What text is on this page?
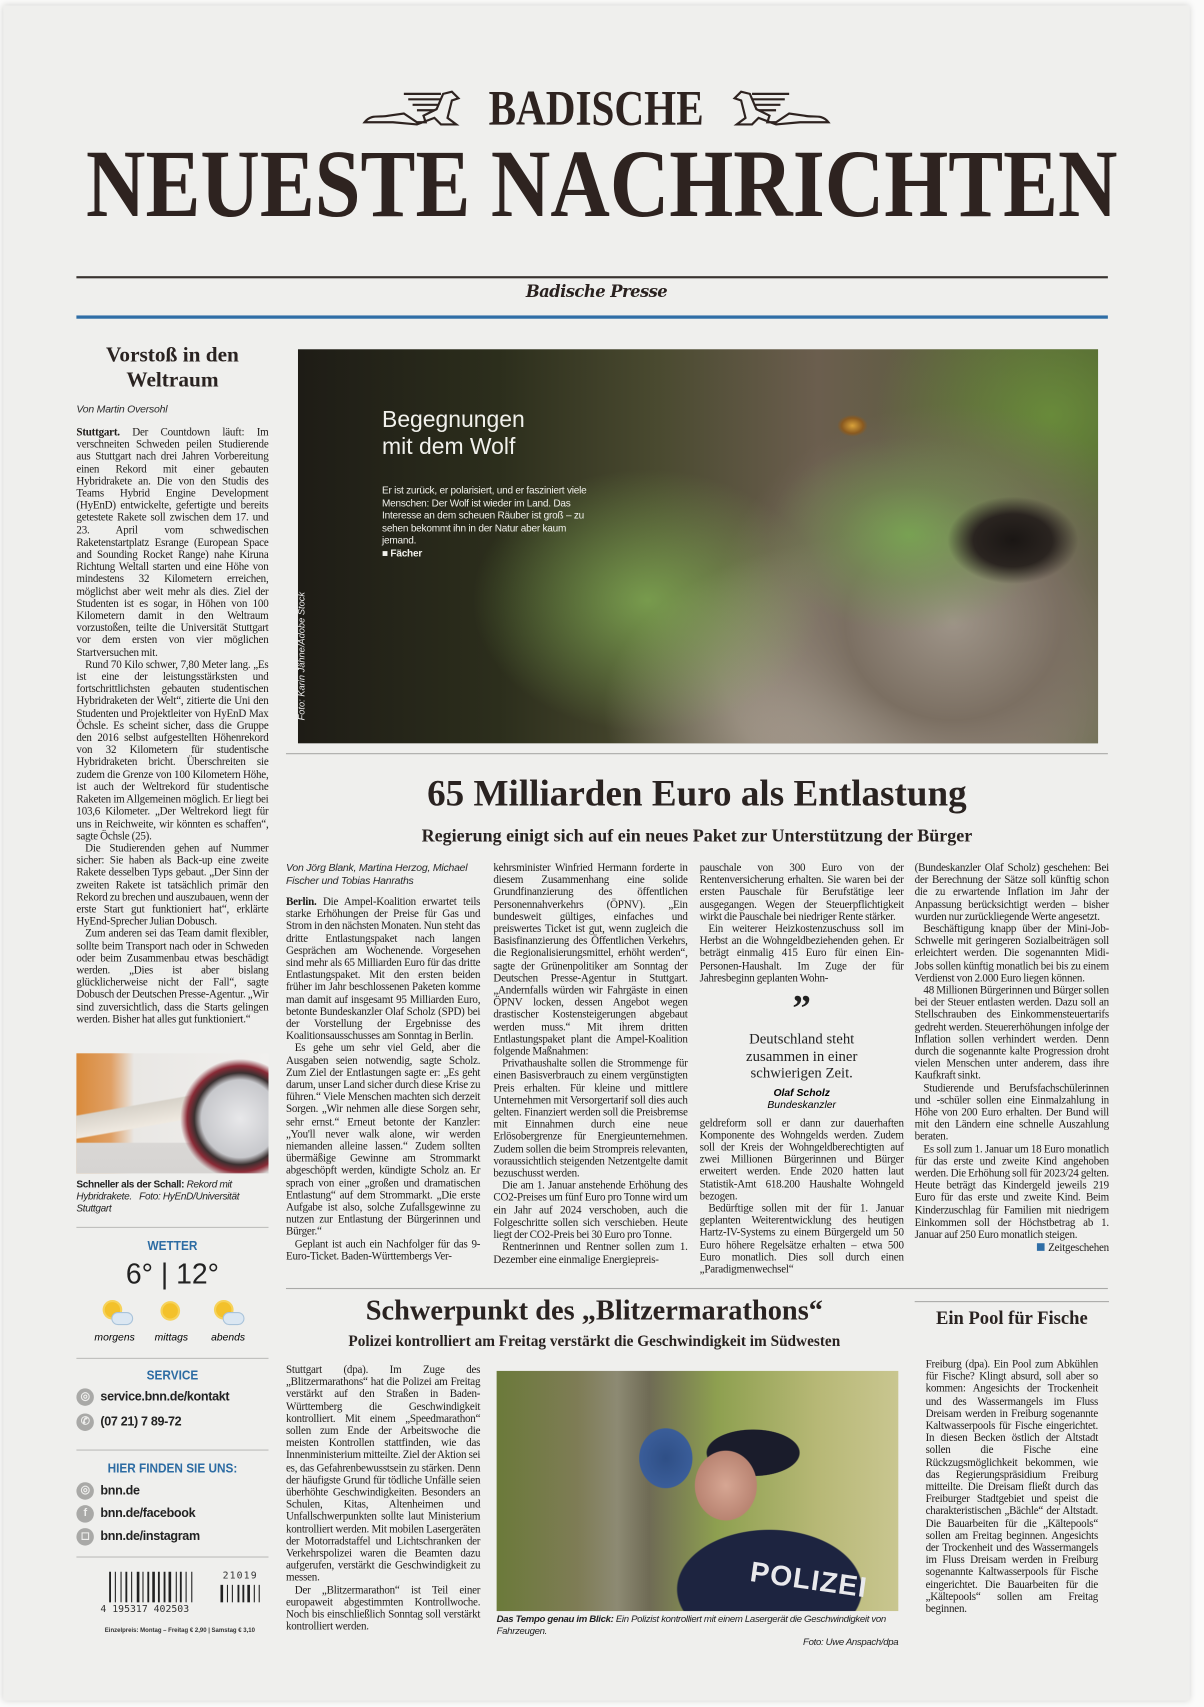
BADISCHE
NEUESTE NACHRICHTEN
Badische Presse
Vorstoß in den Weltraum
Von Martin Oversohl

Stuttgart. Der Countdown läuft: Im verschneiten Schweden peilen Studierende aus Stuttgart nach drei Jahren Vorbereitung einen Rekord mit einer gebauten Hybridrakete an. Die von den Studis des Teams Hybrid Engine Development (HyEnD) entwickelte, gefertigte und bereits getestete Rakete soll zwischen dem 17. und 23. April vom schwedischen Raketenstartplatz Esrange (European Space and Sounding Rocket Range) nahe Kiruna Richtung Weltall starten und eine Höhe von mindestens 32 Kilometern erreichen, möglichst aber weit mehr als dies. Ziel der Studenten ist es sogar, in Höhen von 100 Kilometern damit in den Weltraum vorzustoßen, teilte die Universität Stuttgart vor dem ersten von vier möglichen Startversuchen mit.

Rund 70 Kilo schwer, 7,80 Meter lang. „Es ist eine der leistungsstärksten und fortschrittlichsten gebauten studentischen Hybridraketen der Welt“, zitierte die Uni den Studenten und Projektleiter von HyEnD Max Öchsle. Es scheint sicher, dass die Gruppe den 2016 selbst aufgestellten Höhenrekord von 32 Kilometern für studentische Hybridraketen bricht. Überschreiten sie zudem die Grenze von 100 Kilometern Höhe, ist auch der Weltrekord für studentische Raketen im Allgemeinen möglich. Er liegt bei 103,6 Kilometer. „Der Weltrekord liegt für uns in Reichweite, wir könnten es schaffen“, sagte Öchsle (25).

Die Studierenden gehen auf Nummer sicher: Sie haben als Back-up eine zweite Rakete desselben Typs gebaut. „Der Sinn der zweiten Rakete ist tatsächlich primär den Rekord zu brechen und auszubauen, wenn der erste Start gut funktioniert hat“, erklärte HyEnd-Sprecher Julian Dobusch.

Zum anderen sei das Team damit flexibler, sollte beim Transport nach oder in Schweden oder beim Zusammenbau etwas beschädigt werden. „Dies ist aber bislang glücklicherweise nicht der Fall“, sagte Dobusch der Deutschen Presse-Agentur. „Wir sind zuversichtlich, dass die Starts gelingen werden. Bisher hat alles gut funktioniert.“

Schneller als der Schall: Rekord mit Hybridrakete. Foto: HyEnD/Universität Stuttgart
WETTER
6° | 12°
morgens	mittags	abends
SERVICE
◎ service.bnn.de/kontakt
✆ (07 21) 7 89-72
HIER FINDEN SIE UNS:
◎ bnn.de
f	bnn.de/facebook
◻ bnn.de/instagram
4 195317 402503
21019
Einzelpreis: Montag – Freitag € 2,90 | Samstag € 3,10
Begegnungen
mit dem Wolf
Er ist zurück, er polarisiert, und er fasziniert viele Menschen: Der Wolf ist wieder im Land. Das Interesse an dem scheuen Räuber ist groß – zu sehen bekommt ihn in der Natur aber kaum jemand.
■ Fächer
Foto: Karin Jähne/Adobe Stock
65 Milliarden Euro als Entlastung
Regierung einigt sich auf ein neues Paket zur Unterstützung der Bürger
Von Jörg Blank, Martina Herzog, Michael Fischer und Tobias Hanraths

Berlin. Die Ampel-Koalition erwartet teils starke Erhöhungen der Preise für Gas und Strom in den nächsten Monaten. Nun steht das dritte Entlastungspaket nach langen Gesprächen am Wochenende. Vorgesehen sind mehr als 65 Milliarden Euro für das dritte Entlastungspaket. Mit den ersten beiden früher im Jahr beschlossenen Paketen komme man damit auf insgesamt 95 Milliarden Euro, betonte Bundeskanzler Olaf Scholz (SPD) bei der Vorstellung der Ergebnisse des Koalitionsausschusses am Sonntag in Berlin.

Es gehe um sehr viel Geld, aber die Ausgaben seien notwendig, sagte Scholz. Zum Ziel der Entlastungen sagte er: „Es geht darum, unser Land sicher durch diese Krise zu führen.“ Viele Menschen machten sich derzeit Sorgen. „Wir nehmen alle diese Sorgen sehr, sehr ernst.“ Erneut betonte der Kanzler: „You'll never walk alone, wir werden niemanden alleine lassen.“ Zudem sollten übermäßige Gewinne am Strommarkt abgeschöpft werden, kündigte Scholz an. Er sprach von einer „großen und dramatischen Entlastung“ auf dem Strommarkt. „Die erste Aufgabe ist also, solche Zufallsgewinne zu nutzen zur Entlastung der Bürgerinnen und Bürger.“

Geplant ist auch ein Nachfolger für das 9-Euro-Ticket. Baden-Württembergs Ver-

kehrsminister Winfried Hermann forderte in diesem Zusammenhang eine solide Grundfinanzierung des öffentlichen Personennahverkehrs (ÖPNV). „Ein bundesweit gültiges, einfaches und preiswertes Ticket ist gut, wenn zugleich die Basisfinanzierung des Öffentlichen Verkehrs, die Regionalisierungsmittel, erhöht werden“, sagte der Grünenpolitiker am Sonntag der Deutschen Presse-Agentur in Stuttgart. „Andernfalls würden wir Fahrgäste in einen ÖPNV locken, dessen Angebot wegen drastischer Kostensteigerungen abgebaut werden muss.“ Mit ihrem dritten Entlastungspaket plant die Ampel-Koalition folgende Maßnahmen:

Privathaushalte sollen die Strommenge für einen Basisverbrauch zu einem vergünstigten Preis erhalten. Für kleine und mittlere Unternehmen mit Versorgertarif soll dies auch gelten. Finanziert werden soll die Preisbremse mit Einnahmen durch eine neue Erlösobergrenze für Energieunternehmen. Zudem sollen die beim Strompreis relevanten, voraussichtlich steigenden Netzentgelte damit bezuschusst werden.

Die am 1. Januar anstehende Erhöhung des CO2-Preises um fünf Euro pro Tonne wird um ein Jahr auf 2024 verschoben, auch die Folgeschritte sollen sich verschieben. Heute liegt der CO2-Preis bei 30 Euro pro Tonne.

Rentnerinnen und Rentner sollen zum 1. Dezember eine einmalige Energiepreis-

pauschale von 300 Euro von der Rentenversicherung erhalten. Sie waren bei der ersten Pauschale für Berufstätige leer ausgegangen. Wegen der Steuerpflichtigkeit wirkt die Pauschale bei niedriger Rente stärker.

Ein weiterer Heizkostenzuschuss soll im Herbst an die Wohngeldbeziehenden gehen. Er beträgt einmalig 415 Euro für einen Ein-Personen-Haushalt. Im Zuge der für Jahresbeginn geplanten Wohn-

”
Deutschland steht zusammen in einer schwierigen Zeit.
Olaf Scholz
Bundeskanzler

geldreform soll er dann zur dauerhaften Komponente des Wohngelds werden. Zudem soll der Kreis der Wohngeldberechtigten auf zwei Millionen Bürgerinnen und Bürger erweitert werden. Ende 2020 hatten laut Statistik-Amt 618.200 Haushalte Wohngeld bezogen.

Bedürftige sollen mit der für 1. Januar geplanten Weiterentwicklung des heutigen Hartz-IV-Systems zu einem Bürgergeld um 50 Euro höhere Regelsätze erhalten – etwa 500 Euro monatlich. Dies soll durch einen „Paradigmenwechsel“

(Bundeskanzler Olaf Scholz) geschehen: Bei der Berechnung der Sätze soll künftig schon die zu erwartende Inflation im Jahr der Anpassung berücksichtigt werden – bisher wurden nur zurückliegende Werte angesetzt.

Beschäftigung knapp über der Mini-Job-Schwelle mit geringeren Sozialbeiträgen soll erleichtert werden. Die sogenannten Midi-Jobs sollen künftig monatlich bei bis zu einem Verdienst von 2.000 Euro liegen können.

48 Millionen Bürgerinnen und Bürger sollen bei der Steuer entlasten werden. Dazu soll an Stellschrauben des Einkommensteuertarifs gedreht werden. Steuererhöhungen infolge der Inflation sollen verhindert werden. Denn durch die sogenannte kalte Progression droht vielen Menschen unter anderem, dass ihre Kaufkraft sinkt.

Studierende und Berufsfachschülerinnen und -schüler sollen eine Einmalzahlung in Höhe von 200 Euro erhalten. Der Bund will mit den Ländern eine schnelle Auszahlung beraten.

Es soll zum 1. Januar um 18 Euro monatlich für das erste und zweite Kind angehoben werden. Die Erhöhung soll für 2023/24 gelten. Heute beträgt das Kindergeld jeweils 219 Euro für das erste und zweite Kind. Beim Kinderzuschlag für Familien mit niedrigem Einkommen soll der Höchstbetrag ab 1. Januar auf 250 Euro monatlich steigen.

Zeitgeschehen

Schwerpunkt des „Blitzermarathons“
Polizei kontrolliert am Freitag verstärkt die Geschwindigkeit im Südwesten

Stuttgart (dpa). Im Zuge des „Blitzermarathons“ hat die Polizei am Freitag verstärkt auf den Straßen in Baden-Württemberg die Geschwindigkeit kontrolliert. Mit einem „Speedmarathon“ sollen zum Ende der Arbeitswoche die meisten Kontrollen stattfinden, wie das Innenministerium mitteilte. Ziel der Aktion sei es, das Gefahrenbewusstsein zu stärken. Denn der häufigste Grund für tödliche Unfälle seien überhöhte Geschwindigkeiten. Besonders an Schulen, Kitas, Altenheimen und Unfallschwerpunkten sollte laut Ministerium kontrolliert werden. Mit mobilen Lasergeräten der Motorradstaffel und Lichtschranken der Verkehrspolizei waren die Beamten dazu aufgerufen, verstärkt die Geschwindigkeit zu messen.

Der „Blitzermarathon“ ist Teil einer europaweit abgestimmten Kontrollwoche. Noch bis einschließlich Sonntag soll verstärkt kontrolliert werden.

POLIZEI
Das Tempo genau im Blick: Ein Polizist kontrolliert mit einem Lasergerät die Geschwindigkeit von Fahrzeugen.
Foto: Uwe Anspach/dpa
Ein Pool für Fische

Freiburg (dpa). Ein Pool zum Abkühlen für Fische? Klingt absurd, soll aber so kommen: Angesichts der Trockenheit und des Wassermangels im Fluss Dreisam werden in Freiburg sogenannte Kaltwasserpools für Fische eingerichtet. In diesen Becken östlich der Altstadt sollen die Fische eine Rückzugsmöglichkeit bekommen, wie das Regierungspräsidium Freiburg mitteilte. Die Dreisam fließt durch das Freiburger Stadtgebiet und speist die charakteristischen „Bächle“ der Altstadt. Die Bauarbeiten für die „Kältepools“ sollen am Freitag beginnen. Angesichts der Trockenheit und des Wassermangels im Fluss Dreisam werden in Freiburg sogenannte Kaltwasserpools für Fische eingerichtet. Die Bauarbeiten für die „Kältepools“ sollen am Freitag beginnen.
